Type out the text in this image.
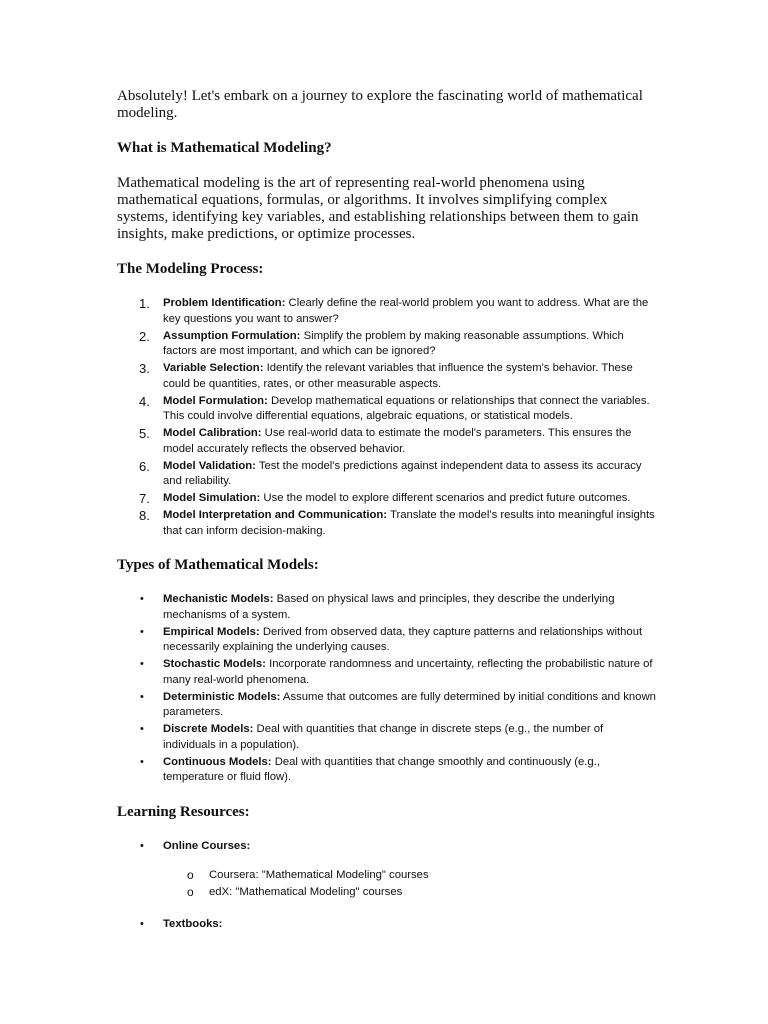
Absolutely! Let's embark on a journey to explore the fascinating world of mathematical modeling.

What is Mathematical Modeling?

Mathematical modeling is the art of representing real-world phenomena using mathematical equations, formulas, or algorithms. It involves simplifying complex systems, identifying key variables, and establishing relationships between them to gain insights, make predictions, or optimize processes.

The Modeling Process:
1.	Problem Identification: Clearly define the real-world problem you want to address. What are the key questions you want to answer?
2.	Assumption Formulation: Simplify the problem by making reasonable assumptions. Which factors are most important, and which can be ignored?
3.	Variable Selection: Identify the relevant variables that influence the system's behavior. These could be quantities, rates, or other measurable aspects.
4.	Model Formulation: Develop mathematical equations or relationships that connect the variables. This could involve differential equations, algebraic equations, or statistical models.
5.	Model Calibration: Use real-world data to estimate the model's parameters. This ensures the model accurately reflects the observed behavior.
6.	Model Validation: Test the model's predictions against independent data to assess its accuracy and reliability.
7.	Model Simulation: Use the model to explore different scenarios and predict future outcomes.
8.	Model Interpretation and Communication: Translate the model's results into meaningful insights that can inform decision-making.
Types of Mathematical Models:
•	Mechanistic Models: Based on physical laws and principles, they describe the underlying mechanisms of a system.
•	Empirical Models: Derived from observed data, they capture patterns and relationships without necessarily explaining the underlying causes.
•	Stochastic Models: Incorporate randomness and uncertainty, reflecting the probabilistic nature of many real-world phenomena.
•	Deterministic Models: Assume that outcomes are fully determined by initial conditions and known parameters.
•	Discrete Models: Deal with quantities that change in discrete steps (e.g., the number of individuals in a population).
•	Continuous Models: Deal with quantities that change smoothly and continuously (e.g., temperature or fluid flow).
Learning Resources:
•	Online Courses:
o	Coursera: "Mathematical Modeling" courses
o	edX: "Mathematical Modeling" courses
•	Textbooks:
